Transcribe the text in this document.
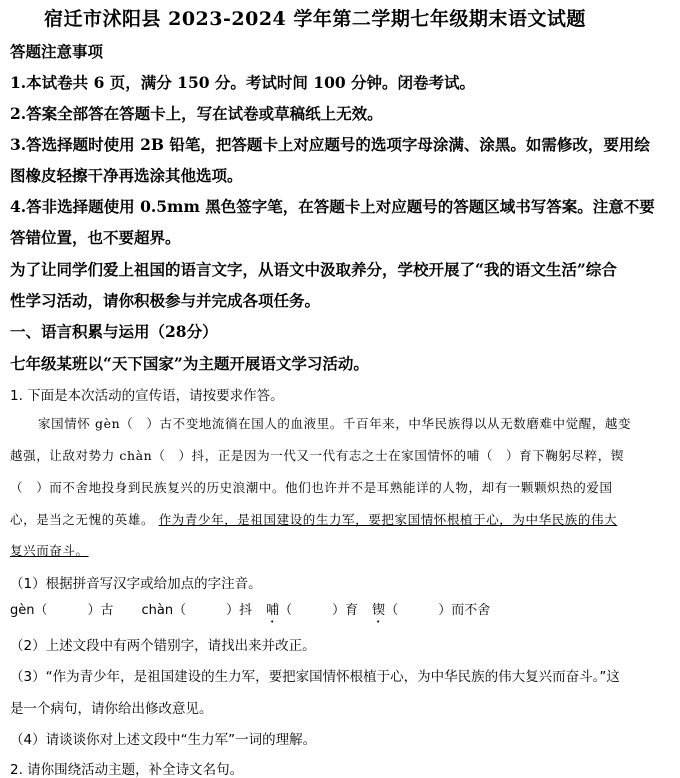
宿迁市沭阳县 2023-2024 学年第二学期七年级期末语文试题
答题注意事项
1.本试卷共 6 页，满分 150 分。考试时间 100 分钟。闭卷考试。
2.答案全部答在答题卡上，写在试卷或草稿纸上无效。
3.答选择题时使用 2B 铅笔，把答题卡上对应题号的选项字母涂满、涂黑。如需修改，要用绘
图橡皮轻擦干净再选涂其他选项。
4.答非选择题使用 0.5mm 黑色签字笔，在答题卡上对应题号的答题区域书写答案。注意不要
答错位置，也不要超界。
为了让同学们爱上祖国的语言文字，从语文中汲取养分，学校开展了“我的语文生活”综合
性学习活动，请你积极参与并完成各项任务。
一、语言积累与运用（28分）
七年级某班以“天下国家”为主题开展语文学习活动。
1. 下面是本次活动的宣传语，请按要求作答。
家国情怀 gèn（　）古不变地流徜在国人的血液里。千百年来，中华民族得以从无数磨难中觉醒，越变
越强，让敌对势力 chàn（　）抖，正是因为一代又一代有志之士在家国情怀的哺（　）育下鞠躬尽粹，锲
（　）而不舍地投身到民族复兴的历史浪潮中。他们也许并不是耳熟能详的人物，却有一颗颗炽热的爱国
心，是当之无愧的英雄。 作为青少年，是祖国建设的生力军，要把家国情怀根植于心，为中华民族的伟大
复兴而奋斗。
（1）根据拼音写汉字或给加点的字注音。
gèn（	）古 chàn（	）抖 哺（	）育 锲（	）而不舍
（2）上述文段中有两个错别字，请找出来并改正。
（3）“作为青少年，是祖国建设的生力军，要把家国情怀根植于心，为中华民族的伟大复兴而奋斗。”这
是一个病句，请你给出修改意见。
（4）请谈谈你对上述文段中“生力军”一词的理解。
2. 请你围绕活动主题，补全诗文名句。
